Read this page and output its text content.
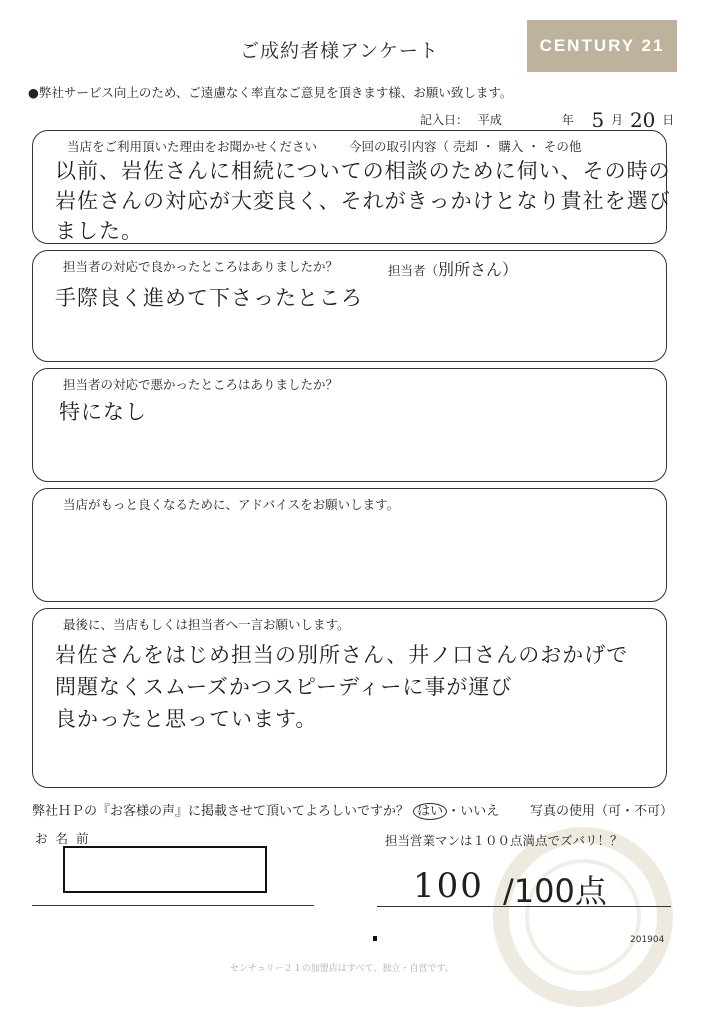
ご成約者様アンケート	CENTURY 21
●弊社サービス向上のため、ご遠慮なく率直なご意見を頂きます様、お願い致します。
記入日： 平成	年 5 月 20 日
当店をご利用頂いた理由をお聞かせください	今回の取引内容（ 売却 ・ 購入 ・ その他
以前、岩佐さんに相続についての相談のために伺い、その時の
岩佐さんの対応が大変良く、それがきっかけとなり貴社を選び
ました。
担当者の対応で良かったところはありましたか？	担当者（別所さん）
手際良く進めて下さったところ
担当者の対応で悪かったところはありましたか？
特になし
当店がもっと良くなるために、アドバイスをお願いします。
最後に、当店もしくは担当者へ一言お願いします。
岩佐さんをはじめ担当の別所さん、井ノ口さんのおかげで
問題なくスムーズかつスピーディーに事が運び
良かったと思っています。
弊社ＨＰの『お客様の声』に掲載させて頂いてよろしいですか？ はい ・いいえ 写真の使用（可・不可）
お 名 前	担当営業マンは１００点満点でズバリ！？
100 /100点
201904
センチュリー２１の加盟店はすべて、独立・自営です。
